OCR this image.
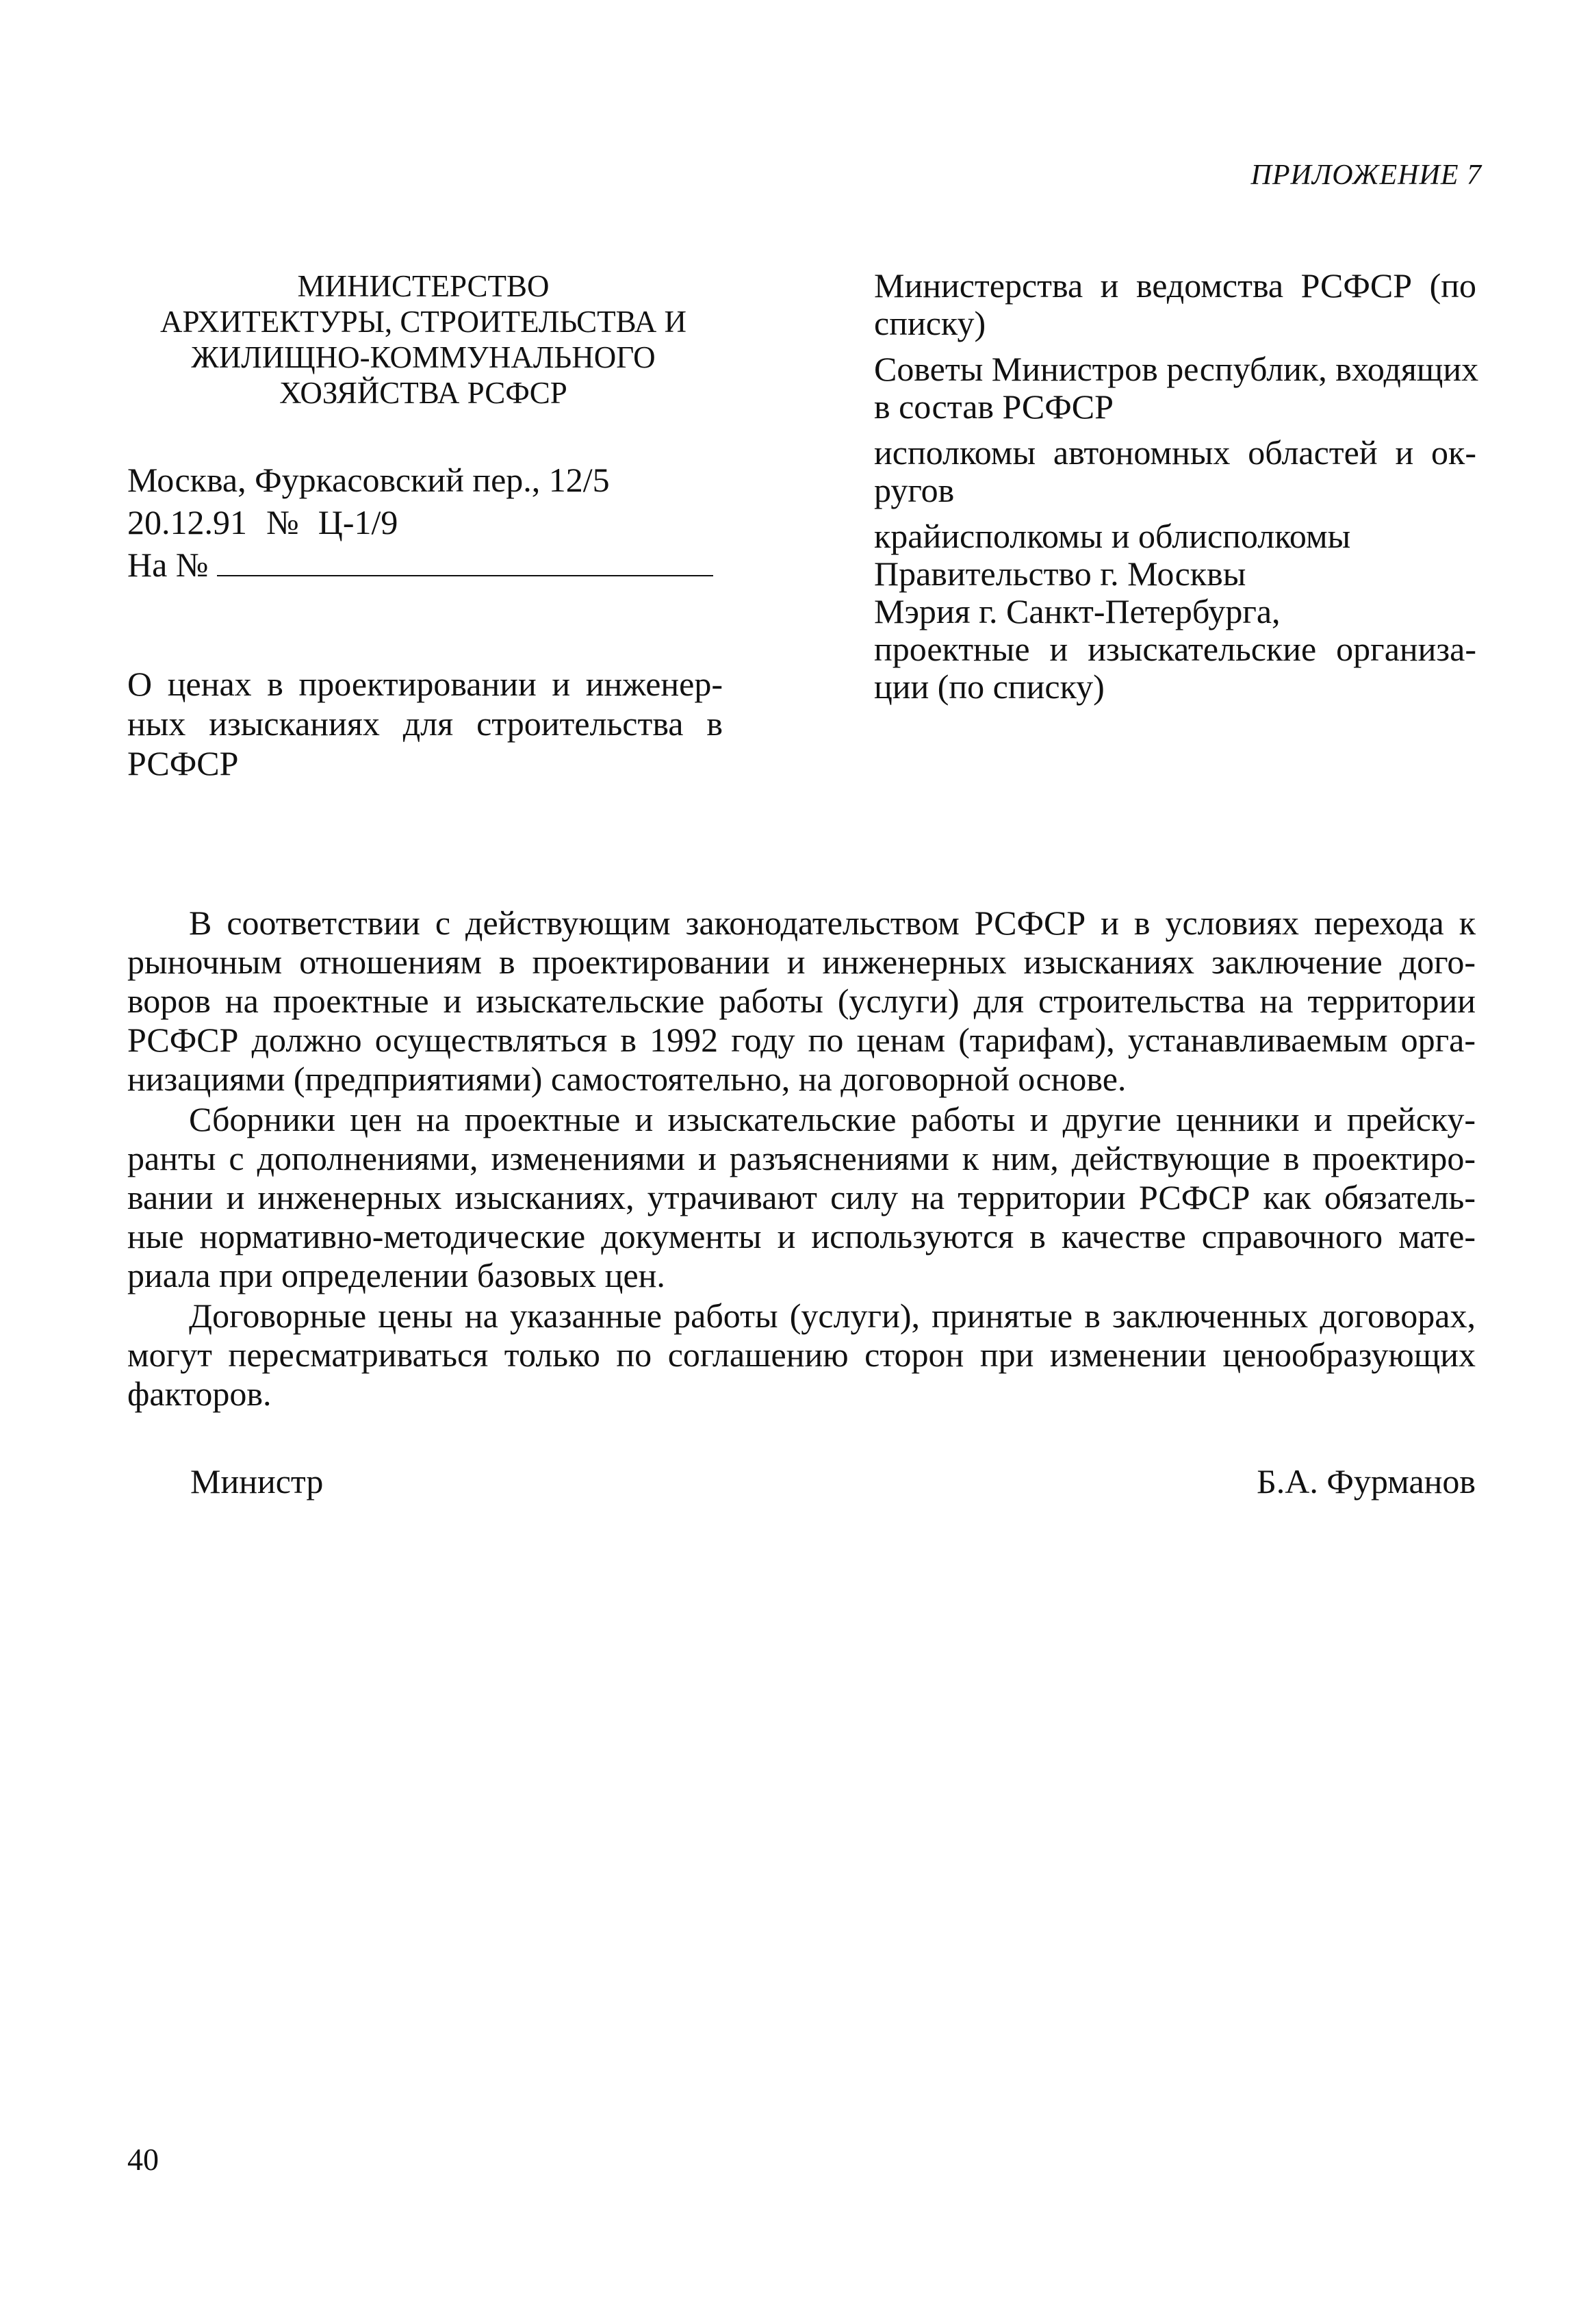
ПРИЛОЖЕНИЕ 7
МИНИСТЕРСТВО
АРХИТЕКТУРЫ, СТРОИТЕЛЬСТВА И
ЖИЛИЩНО-КОММУНАЛЬНОГО
ХОЗЯЙСТВА РСФСР
Москва, Фуркасовский пер., 12/5
20.12.91 № Ц-1/9
На №
О ценах в проектировании и инженер-
ных изысканиях для строительства в
РСФСР
Министерства и ведомства РСФСР (по
списку)
Советы Министров республик, входящих
в состав РСФСР
исполкомы автономных областей и ок-
ругов
крайисполкомы и облисполкомы
Правительство г. Москвы
Мэрия г. Санкт-Петербурга,
проектные и изыскательские организа-
ции (по списку)
В соответствии с действующим законодательством РСФСР и в условиях перехода к
рыночным отношениям в проектировании и инженерных изысканиях заключение дого-
воров на проектные и изыскательские работы (услуги) для строительства на территории
РСФСР должно осуществляться в 1992 году по ценам (тарифам), устанавливаемым орга-
низациями (предприятиями) самостоятельно, на договорной основе.
Сборники цен на проектные и изыскательские работы и другие ценники и прейску-
ранты с дополнениями, изменениями и разъяснениями к ним, действующие в проектиро-
вании и инженерных изысканиях, утрачивают силу на территории РСФСР как обязатель-
ные нормативно-методические документы и используются в качестве справочного мате-
риала при определении базовых цен.
Договорные цены на указанные работы (услуги), принятые в заключенных договорах,
могут пересматриваться только по соглашению сторон при изменении ценообразующих
факторов.
Министр	Б.А. Фурманов
40
